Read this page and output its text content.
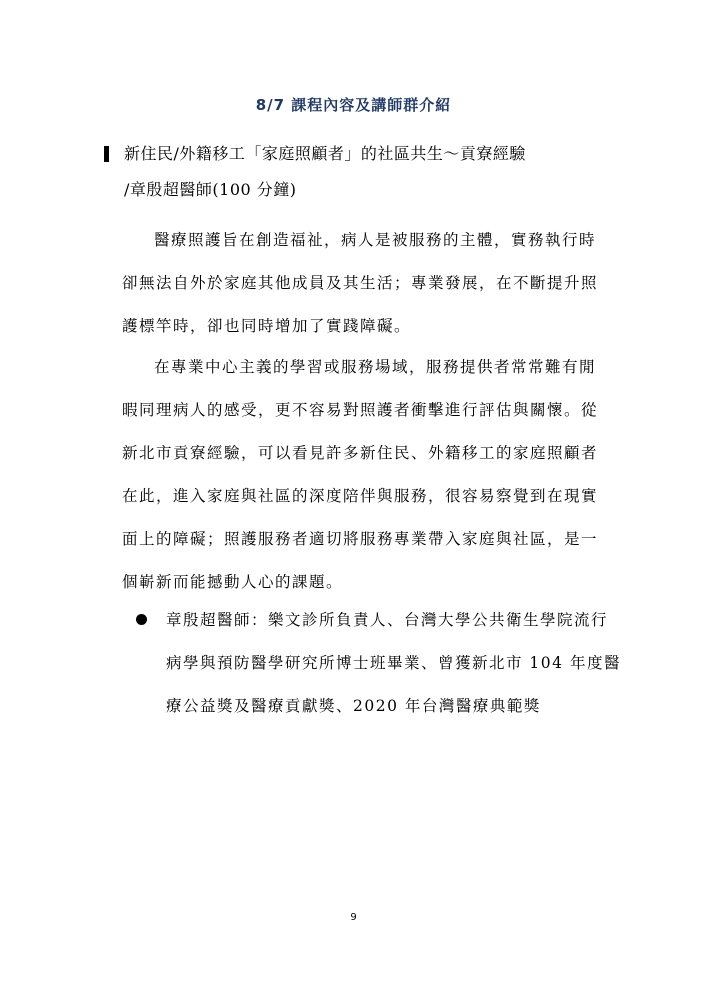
8/7 課程內容及講師群介紹
新住民/外籍移工「家庭照顧者」的社區共生～貢寮經驗
/章殷超醫師(100 分鐘)
醫療照護旨在創造福祉，病人是被服務的主體，實務執行時
卻無法自外於家庭其他成員及其生活；專業發展，在不斷提升照
護標竿時，卻也同時增加了實踐障礙。
在專業中心主義的學習或服務場域，服務提供者常常難有閒
暇同理病人的感受，更不容易對照護者衝擊進行評估與關懷。從
新北市貢寮經驗，可以看見許多新住民、外籍移工的家庭照顧者
在此，進入家庭與社區的深度陪伴與服務，很容易察覺到在現實
面上的障礙；照護服務者適切將服務專業帶入家庭與社區，是一
個嶄新而能撼動人心的課題。
章殷超醫師：樂文診所負責人、台灣大學公共衛生學院流行
病學與預防醫學研究所博士班畢業、曾獲新北市 104 年度醫
療公益獎及醫療貢獻獎、2020 年台灣醫療典範獎
9
